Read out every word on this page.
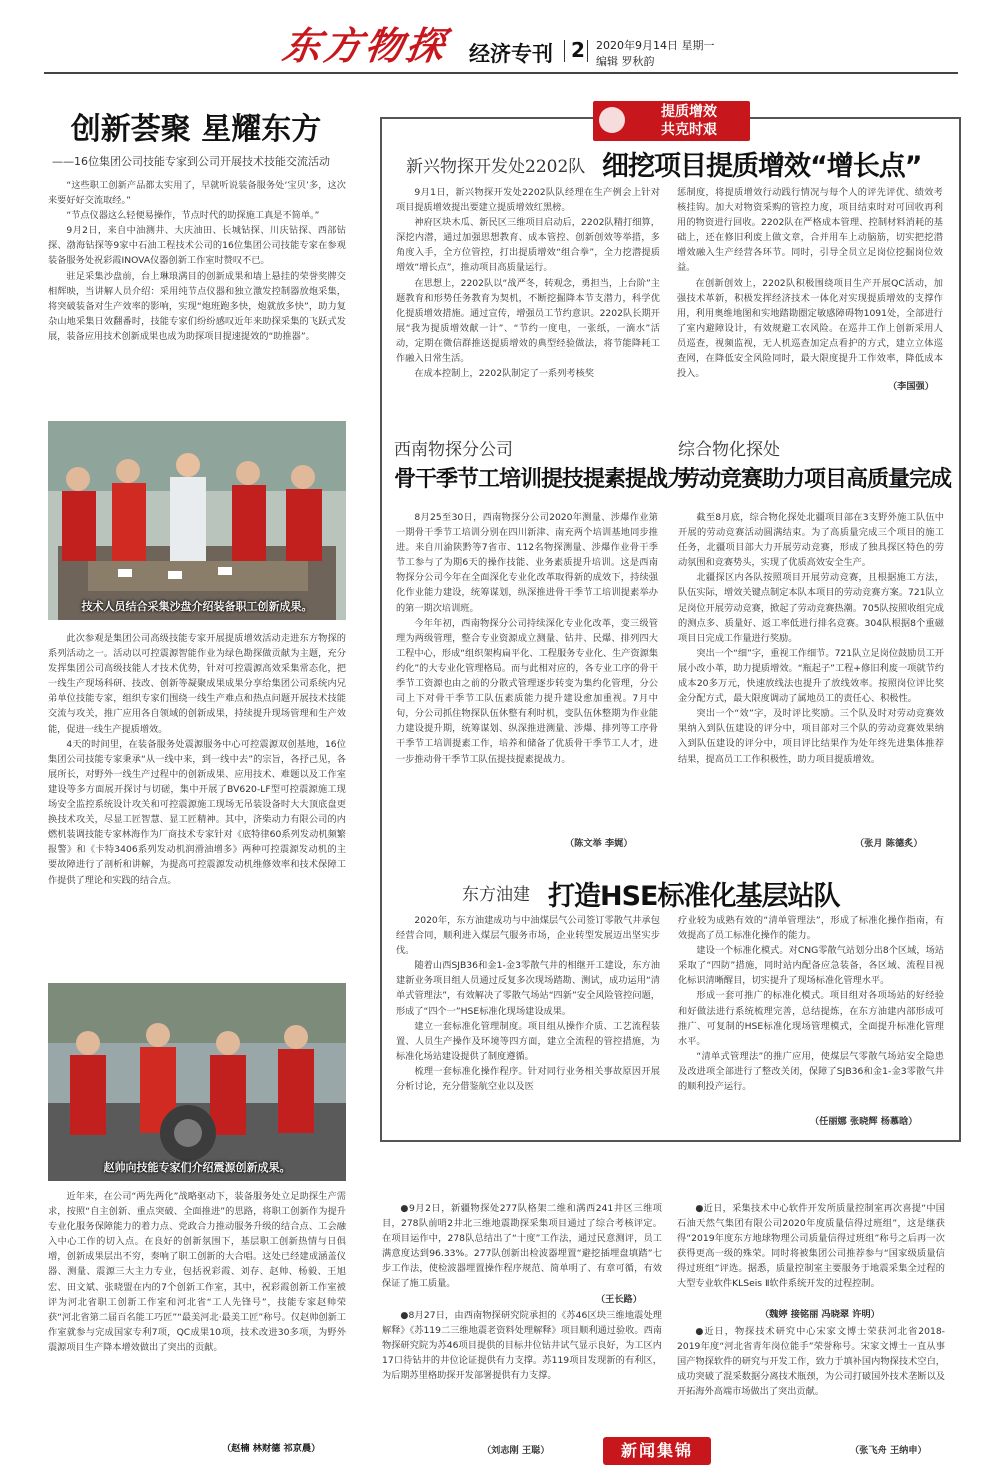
东方物探 经济专刊 2 2020年9月14日 星期一
编辑 罗秋韵
创新荟聚 星耀东方
——16位集团公司技能专家到公司开展技术技能交流活动

“这些职工创新产品都太实用了，早就听说装备服务处‘宝贝’多，这次来要好好交流取经。”

“节点仪器这么轻便易操作，节点时代的助探施工真是不简单。”

9月2日，来自中油测井、大庆油田、长城钻探、川庆钻探、西部钻探、渤海钻探等9家中石油工程技术公司的16位集团公司技能专家在参观装备服务处祝彩霞INOVA仪器创新工作室时赞叹不已。

驻足采集沙盘前，台上琳琅满目的创新成果和墙上悬挂的荣誉奖牌交相辉映，当讲解人员介绍：采用纯节点仪器和独立激发控制器放炮采集，将突破装备对生产效率的影响，实现“炮班跑多快，炮就放多快”，助力复杂山地采集日效翻番时，技能专家们纷纷感叹近年来助探采集的飞跃式发展，装备应用技术创新成果也成为助探项目提速提效的“助推器”。

技术人员结合采集沙盘介绍装备职工创新成果。

此次参观是集团公司高级技能专家开展提质增效活动走进东方物探的系列活动之一。活动以可控震源智能作业为绿色勘探做贡献为主题，充分发挥集团公司高级技能人才技术优势，针对可控震源高效采集常态化，把一线生产现场科研、技改、创新等凝聚成果成果分享给集团公司系统内兄弟单位技能专家，组织专家们围绕一线生产难点和热点问题开展技术技能交流与攻关，推广应用各自领域的创新成果，持续提升现场管理和生产效能，促进一线生产提质增效。

4天的时间里，在装备服务处震源服务中心可控震源双创基地，16位集团公司技能专家秉承“从一线中来，到一线中去”的宗旨，各抒己见，各展所长，对野外一线生产过程中的创新成果、应用技术、难题以及工作室建设等多方面展开探讨与切磋，集中开展了BV620-LF型可控震源施工现场安全监控系统设计攻关和可控震源施工现场无吊装设备时大大顶底盘更换技术攻关，尽显工匠智慧、显工匠精神。其中，济柴动力有限公司的内燃机装调技能专家林海作为厂商技术专家针对《底特律60系列发动机频繁报警》和《卡特3406系列发动机润滑油增多》两种可控震源发动机的主要故障进行了剖析和讲解，为提高可控震源发动机维修效率和技术保障工作提供了理论和实践的结合点。

赵帅向技能专家们介绍震源创新成果。

近年来，在公司“两先两化”战略驱动下，装备服务处立足助探生产需求，按照“自主创新、重点突破、全面推进”的思路，将职工创新作为提升专业化服务保障能力的着力点、党政合力推动服务升级的结合点、工会融入中心工作的切入点。在良好的创新氛围下，基层职工创新热情与日俱增，创新成果层出不穷，奏响了职工创新的大合唱。这处已经建成涵盖仪器、测量、震源三大主力专业，包括祝彩霞、刘存、赵帅、杨毅、王旭宏、田文斌、张晓盟在内的7个创新工作室，其中，祝彩霞创新工作室被评为河北省职工创新工作室和河北省“工人先锋号”，技能专家赵帅荣获“河北省第二届百名能工巧匠”“最美河北·最美工匠”称号。仅赵帅创新工作室就参与完成国家专利7项，QC成果10项，技术改进30多项，为野外震源项目生产降本增效做出了突出的贡献。

（赵楠 林财德 祁京晨）
提质增效
共克时艰
新兴物探开发处2202队 细挖项目提质增效“增长点”

9月1日，新兴物探开发处2202队队经理在生产例会上针对项目提质增效提出要建立提质增效红黑榜。

神府区块木瓜、新民区三维项目启动后，2202队精打细算，深挖内潜，通过加强思想教育、成本管控、创新创效等举措，多角度入手，全方位管控，打出提质增效“组合拳”，全力挖潜提质增效“增长点”，推动项目高质量运行。

在思想上，2202队以“战严冬，转观念，勇担当，上台阶”主题教育和形势任务教育为契机，不断挖掘降本节支潜力，科学优化提质增效措施。通过宣传，增强员工节约意识。2202队长期开展“我为提质增效献一计”、“节约一度电，一张纸，一滴水”活动，定期在微信群推送提质增效的典型经验做法，将节能降耗工作融入日常生活。

在成本控制上，2202队制定了一系列考核奖

惩制度，将提质增效行动践行情况与每个人的评先评优、绩效考核挂钩。加大对物资采购的管控力度，项目结束时对可回收再利用的物资进行回收。2202队在严格成本管理、控制材料消耗的基础上，还在修旧利废上做文章，合并用车上动脑筋，切实把挖潜增效融入生产经营各环节。同时，引导全员立足岗位挖掘岗位效益。

在创新创效上，2202队积极围绕项目生产开展QC活动，加强技术革新，积极发挥经济技术一体化对实现提质增效的支撑作用，利用奥维地图和实地踏勘圈定敏感障碍物1091处，全部进行了室内避障设计，有效规避工农风险。在巡井工作上创新采用人员巡查，视频监视，无人机巡查加定点看护的方式，建立立体巡查网，在降低安全风险同时，最大限度提升工作效率，降低成本投入。

（李国强）
西南物探分公司
骨干季节工培训提技提素提战力

8月25至30日，西南物探分公司2020年测量、涉爆作业第一期骨干季节工培训分别在四川新津、南充两个培训基地同步推进。来自川渝陕黔等7省市、112名物探测量、涉爆作业骨干季节工参与了为期6天的操作技能、业务素质提升培训。这是西南物探分公司今年在全面深化专业化改革取得新的成效下，持续强化作业能力建设，统筹谋划，纵深推进骨干季节工培训提素举办的第一期次培训班。

今年年初，西南物探分公司持续深化专业化改革，变三级管理为两级管理，整合专业资源成立测量、钻井、民爆、排列四大工程中心，形成“组织架构扁平化、工程服务专业化、生产资源集约化”的大专业化管理格局。而与此相对应的，各专业工序的骨干季节工资源也由之前的分散式管理逐步转变为集约化管理，分公司上下对骨干季节工队伍素质能力提升建设愈加重视。7月中旬，分公司抓住物探队伍休整有利时机，变队伍休整期为作业能力建设提升期，统筹谋划、纵深推进测量、涉爆、排列等工序骨干季节工培训提素工作，培养和储备了优质骨干季节工人才，进一步推动骨干季节工队伍提技提素提战力。

（陈文举 李娓）
综合物化探处
劳动竞赛助力项目高质量完成

截至8月底，综合物化探处北疆项目部在3支野外施工队伍中开展的劳动竞赛活动圆满结束。为了高质量完成三个项目的施工任务，北疆项目部大力开展劳动竞赛，形成了独具探区特色的劳动氛围和竞赛势头，实现了优质高效安全生产。

北疆探区内各队按照项目开展劳动竞赛，且根据施工方法，队伍实际，增效关键点制定本队本项目的劳动竞赛方案。721队立足岗位开展劳动竞赛，掀起了劳动竞赛热潮。705队按照收组完成的测点多、质量好、返工率低进行排名竞赛。304队根据8个重磁项目日完成工作量进行奖励。

突出一个“细”字，重视工作细节。721队立足岗位鼓励员工开展小改小革，助力提质增效。“瓶起子”工程+修旧利废一项就节约成本20多万元，快速放线法也提升了放线效率。按照岗位评比奖金分配方式，最大限度调动了属地员工的责任心、积极性。

突出一个“效”字，及时评比奖励。三个队及时对劳动竞赛效果纳入到队伍建设的评分中，项目部对三个队的劳动竞赛效果纳入到队伍建设的评分中，项目评比结果作为处年终先进集体推荐结果，提高员工工作积极性，助力项目提质增效。

（张月 陈德炙）
东方油建 打造HSE标准化基层站队

2020年，东方油建成功与中油煤层气公司签订零散气井承包经营合同，顺利进入煤层气服务市场，企业转型发展迈出坚实步伐。

随着山西SJB36和金1-金3零散气井的相继开工建设，东方油建新业务项目组人员通过反复多次现场踏勘、测试，成功运用“清单式管理法”，有效解决了零散气场站“四新”安全风险管控问题，形成了“四个一”HSE标准化现场建设成果。

建立一套标准化管理制度。项目组从操作介质、工艺流程装置、人员生产操作及环境等四方面，建立全流程的管控措施，为标准化场站建设提供了制度遵循。

梳理一套标准化操作程序。针对同行业务相关事故原因开展分析讨论，充分借鉴航空业以及医

疗业较为成熟有效的“清单管理法”，形成了标准化操作指南，有效提高了员工标准化操作的能力。

建设一个标准化模式。对CNG零散气站划分出8个区域，场站采取了“四防”措施，同时站内配备应急装备，各区域、流程目视化标识清晰醒目，切实提升了现场标准化管理水平。

形成一套可推广的标准化模式。项目组对各项场站的好经验和好做法进行系统梳理完善，总结提炼，在东方油建内部形成可推广、可复制的HSE标准化现场管理模式，全面提升标准化管理水平。

“清单式管理法”的推广应用，使煤层气零散气场站安全隐患及改进项全部进行了整改关闭，保障了SJB36和金1-金3零散气井的顺利投产运行。

（任丽娜 张晓辉 杨慕晗）

●9月2日，新疆物探处277队格架二维和满西241井区三维项目，278队前哨2井北三维地震勘探采集项目通过了综合考核评定。在项目运作中，278队总结出了“十度”工作法，通过民意测评，员工满意度达到96.33%。277队创新出检波器埋置“避挖插埋盘填踏”七步工作法，使检波器埋置操作程序规范、简单明了、有章可循，有效保证了施工质量。

（王长路）

●8月27日，由西南物探研究院承担的《苏46区块三维地震处理解释》《苏119二三维地震老资料处理解释》项目顺利通过验收。西南物探研究院为苏46项目提供的目标井位钻井试气显示良好，为工区内17口待钻井的井位论证提供有力支撑。苏119项目发现新的有利区，为后期苏里格助探开发部署提供有力支撑。

（刘志刚 王聪）

●近日，采集技术中心软件开发所质量控制室再次喜提“中国石油天然气集团有限公司2020年度质量信得过班组”，这是继获得“2019年度东方地球物理公司质量信得过班组”称号之后再一次获得更高一级的殊荣。同时将被集团公司推荐参与“国家级质量信得过班组”评选。据悉，质量控制室主要服务于地震采集全过程的大型专业软件KLSeis Ⅱ软件系统开发的过程控制。

（魏婷 接铭丽 冯晓翠 许明）

●近日，物探技术研究中心宋家文博士荣获河北省2018-2019年度“河北省青年岗位能手”荣誉称号。宋家文博士一直从事国产物探软件的研究与开发工作，致力于填补国内物探技术空白，成功突破了混采数据分离技术瓶颈，为公司打破国外技术垄断以及开拓海外高端市场做出了突出贡献。

（张飞舟 王纳申）
新闻集锦
